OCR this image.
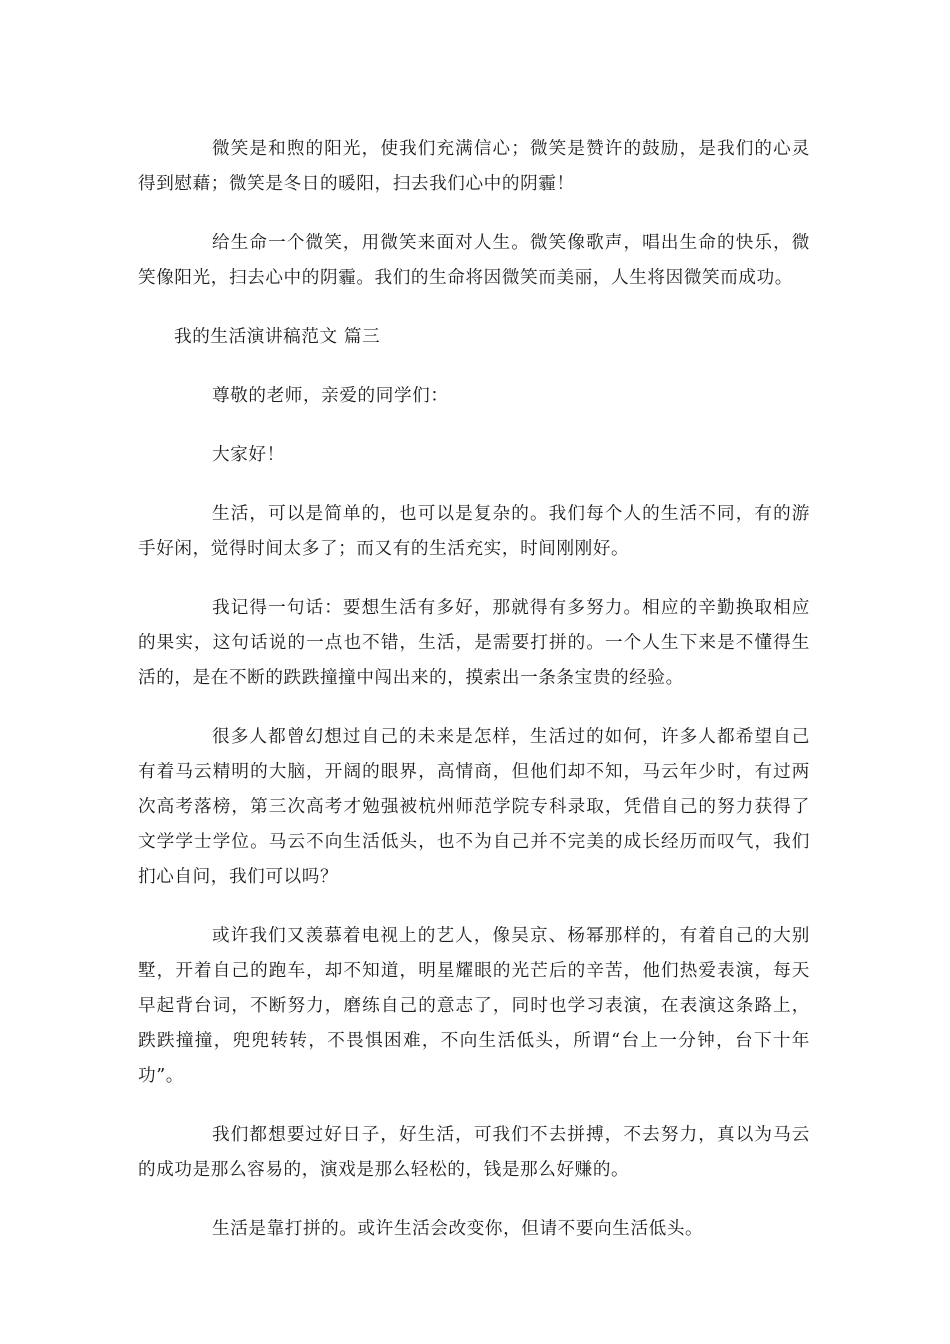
微笑是和煦的阳光，使我们充满信心；微笑是赞许的鼓励，是我们的心灵得到慰藉；微笑是冬日的暖阳，扫去我们心中的阴霾！

给生命一个微笑，用微笑来面对人生。微笑像歌声，唱出生命的快乐，微笑像阳光，扫去心中的阴霾。我们的生命将因微笑而美丽，人生将因微笑而成功。

我的生活演讲稿范文 篇三

尊敬的老师，亲爱的同学们：

大家好！

生活，可以是简单的，也可以是复杂的。我们每个人的生活不同，有的游手好闲，觉得时间太多了；而又有的生活充实，时间刚刚好。

我记得一句话：要想生活有多好，那就得有多努力。相应的辛勤换取相应的果实，这句话说的一点也不错，生活，是需要打拼的。一个人生下来是不懂得生活的，是在不断的跌跌撞撞中闯出来的，摸索出一条条宝贵的经验。

很多人都曾幻想过自己的未来是怎样，生活过的如何，许多人都希望自己有着马云精明的大脑，开阔的眼界，高情商，但他们却不知，马云年少时，有过两次高考落榜，第三次高考才勉强被杭州师范学院专科录取，凭借自己的努力获得了文学学士学位。马云不向生活低头，也不为自己并不完美的成长经历而叹气，我们扪心自问，我们可以吗？

或许我们又羡慕着电视上的艺人，像吴京、杨幂那样的，有着自己的大别墅，开着自己的跑车，却不知道，明星耀眼的光芒后的辛苦，他们热爱表演，每天早起背台词，不断努力，磨练自己的意志了，同时也学习表演，在表演这条路上，跌跌撞撞，兜兜转转，不畏惧困难，不向生活低头，所谓“台上一分钟，台下十年功”。

我们都想要过好日子，好生活，可我们不去拼搏，不去努力，真以为马云的成功是那么容易的，演戏是那么轻松的，钱是那么好赚的。

生活是靠打拼的。或许生活会改变你，但请不要向生活低头。
